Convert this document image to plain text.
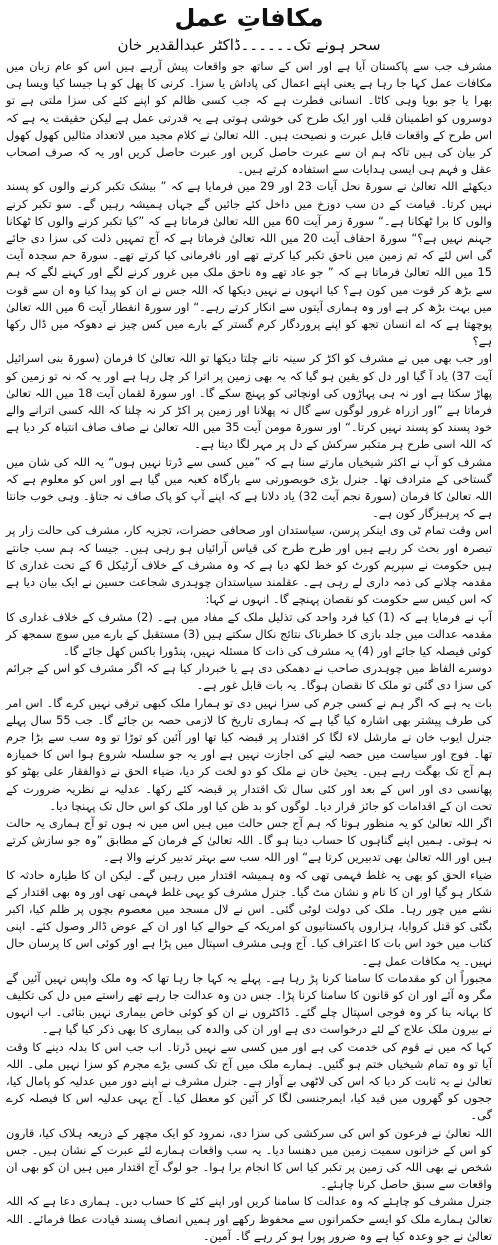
مکافاتِ عمل
سحر ہونے تک۔۔۔۔۔۔ڈاکٹر عبدالقدیر خان

مشرف جب سے پاکستان آیا ہے اور اس کے ساتھ جو واقعات پیش آرہے ہیں اس کو عام زبان میں مکافات عمل کہا جا رہا ہے یعنی اپنے اعمال کی پاداش یا سزا۔ کرنی کا پھل کو ہا جیسا کیا ویسا ہی بھرا یا جو بویا وہی کاٹا۔ انسانی فطرت ہے کہ جب کسی ظالم کو اپنے کئے کی سزا ملتی ہے تو دوسروں کو اطمینان قلب اور ایک طرح کی خوشی ہوتی ہے یہ قدرتی عمل ہے لیکن حقیقت یہ ہے کہ اس طرح کے واقعات قابل عبرت و نصیحت ہیں۔ اللہ تعالیٰ نے کلام مجید میں لاتعداد مثالیں کھول کھول کر بیان کی ہیں تاکہ ہم ان سے عبرت حاصل کریں اور عبرت حاصل کریں اور یہ کہ صرف اصحاب عقل و فہم ہی ایسی ہدایات سے استفادہ کرتے ہیں۔

دیکھئے اللہ تعالیٰ نے سورۃ نحل آیات 23 اور 29 میں فرمایا ہے کہ ” بیشک تکبر کرنے والوں کو پسند نہیں کرتا۔ قیامت کے دن سب دوزخ میں داخل کئے جائیں گے جہاں ہمیشہ رہیں گے۔ سو تکبر کرنے والوں کا برا ٹھکانا ہے۔“ سورۃ زمر آیت 60 میں اللہ تعالیٰ فرماتا ہے کہ ”کیا تکبر کرنے والوں کا ٹھکانا جہنم نہیں ہے؟“ سورۃ احقاف آیت 20 میں اللہ تعالیٰ فرماتا ہے کہ آج تمہیں ذلت کی سزا دی جائے گی اس لئے کہ تم زمین میں ناحق تکبر کیا کرتے تھے اور نافرمانی کیا کرتے تھے۔ سورۃ حم سجدہ آیت 15 میں اللہ تعالیٰ فرماتا ہے کہ ” جو عاد تھے وہ ناحق ملک میں غرور کرنے لگے اور کہنے لگے کہ ہم سے بڑھ کر قوت میں کون ہے؟ کیا انہوں نے نہیں دیکھا کہ اللہ جس نے ان کو پیدا کیا وہ ان سے قوت میں بہت بڑھ کر ہے اور وہ ہماری آیتوں سے انکار کرتے رہے۔“ اور سورۃ انفطار آیت 6 میں اللہ تعالیٰ پوچھتا ہے کہ اے انسان تجھ کو اپنے پروردگار کرم گستر کے بارے میں کس چیز نے دھوکہ میں ڈال رکھا ہے؟

اور جب بھی میں نے مشرف کو اکڑ کر سینہ تانے چلتا دیکھا تو اللہ تعالیٰ کا فرمان (سورۃ بنی اسرائیل آیت 37) یاد آ گیا اور دل کو یقین ہو گیا کہ یہ بھی زمین پر اترا کر چل رہا ہے اور یہ کہ نہ تو زمین کو پھاڑ سکتا ہے اور نہ ہی پہاڑوں کی اونچائی کو پہنچ سکے گا۔ اور سورۃ لقمان آیت 18 میں اللہ تعالیٰ فرماتا ہے ”اور ازراہ غرور لوگوں سے گال نہ پھلانا اور زمین پر اکڑ کر نہ چلنا کہ اللہ کسی اترانے والے خود پسند کو پسند نہیں کرتا۔“ اور سورۃ مومن آیت 35 میں اللہ تعالیٰ نے صاف صاف انتباہ کر دیا ہے کہ اللہ اسی طرح ہر متکبر سرکش کے دل پر مہر لگا دیتا ہے۔

مشرف کو آپ نے اکثر شیخیاں مارتے سنا ہے کہ ”میں کسی سے ڈرتا نہیں ہوں“ یہ اللہ کی شان میں گستاخی کے مترادف تھا۔ جنرل بڑی خوبصورتی سے بارگاہ کعبہ میں گیا ہے اور اس کو معلوم ہے کہ اللہ تعالیٰ کا فرمان (سورۃ نجم آیت 32) یاد دلانا ہے کہ اپنے آپ کو پاک صاف نہ جتاؤ۔ وہی خوب جانتا ہے کہ پرہیزگار کون ہے۔

اس وقت تمام ٹی وی اینکر پرسن، سیاستدان اور صحافی حضرات، تجزیہ کار، مشرف کی حالت زار پر تبصرہ اور بحث کر رہے ہیں اور طرح طرح کی قیاس آرائیاں ہو رہی ہیں۔ جیسا کہ ہم سب جانتے ہیں حکومت نے سپریم کورٹ کو خط لکھ دیا ہے کہ وہ مشرف کے خلاف آرٹیکل 6 کے تحت غداری کا مقدمہ چلانے کی ذمہ داری لے رہی ہے۔ عقلمند سیاستدان چوہدری شجاعت حسین نے ایک بیان دیا ہے کہ اس کیس سے حکومت کو نقصان پہنچے گا۔ انہوں نے کہا:

آپ نے فرمایا ہے کہ (1) کیا فرد واحد کی تذلیل ملک کے مفاد میں ہے۔ (2) مشرف کے خلاف غداری کا مقدمہ عدالت میں جلد بازی کا خطرناک نتائج نکال سکتے ہیں (3) مستقبل کے بارے میں سوچ سمجھ کر کوئی فیصلہ کیا جائے اور (4) یہ مشرف کی ذات کا مسئلہ نہیں، پنڈورا باکس کھل جائے گا۔

دوسرے الفاظ میں چوہدری صاحب نے دھمکی دی ہے یا خبردار کیا ہے کہ اگر مشرف کو اس کے جرائم کی سزا دی گئی تو ملک کا نقصان ہوگا۔ یہ بات قابل غور ہے۔

بات یہ ہے کہ اگر ہم نے کسی جرم کی سزا نہیں دی تو ہمارا ملک کبھی ترقی نہیں کرے گا۔ اس امر کی طرف پیشتر بھی اشارہ کیا گیا ہے کہ ہماری تاریخ کا لازمی حصہ بن جائے گا۔ جب 55 سال پہلے جنرل ایوب خان نے مارشل لاء لگا کر اقتدار پر قبضہ کیا تھا اور آئین کو توڑا تو وہ سب سے بڑا جرم تھا۔ فوج اور سیاست میں حصہ لینے کی اجازت نہیں ہے اور یہ جو سلسلہ شروع ہوا اس کا خمیازہ ہم آج تک بھگت رہے ہیں۔ یحییٰ خان نے ملک کو دو لخت کر دیا، ضیاء الحق نے ذوالفقار علی بھٹو کو پھانسی دی اور اس کے بعد اور کئی سال تک اقتدار پر قبضہ کئے رکھا۔ عدلیہ نے نظریہ ضرورت کے تحت ان کے اقدامات کو جائز قرار دیا۔ لوگوں کو بد ظن کیا اور ملک کو اس حال تک پہنچا دیا۔

اگر اللہ تعالیٰ کو یہ منظور ہوتا کہ ہم آج جس حالت میں ہیں اس میں نہ ہوں تو آج ہماری یہ حالت نہ ہوتی۔ ہمیں اپنے گناہوں کا حساب دینا ہو گا۔ اللہ تعالیٰ کے فرمان کے مطابق ”وہ جو سازش کرتے ہیں اور اللہ تعالیٰ بھی تدبیریں کرتا ہے“ اور اللہ سب سے بہتر تدبیر کرنے والا ہے۔

ضیاء الحق کو بھی یہ غلط فہمی تھی کہ وہ ہمیشہ اقتدار میں رہیں گے۔ لیکن ان کا طیارہ حادثہ کا شکار ہو گیا اور ان کا نام و نشان مٹ گیا۔ جنرل مشرف کو یہی غلط فہمی تھی اور وہ بھی اقتدار کے نشے میں چور رہا۔ ملک کی دولت لوٹی گئی۔ اس نے لال مسجد میں معصوم بچوں پر ظلم کیا، اکبر بگٹی کو قتل کروایا، ہزاروں پاکستانیوں کو امریکہ کے حوالے کیا اور ان کے عوض ڈالر وصول کئے۔ اپنی کتاب میں خود اس بات کا اعتراف کیا۔ آج وہی مشرف اسپتال میں پڑا ہے اور کوئی اس کا پرسان حال نہیں۔ یہ مکافات عمل ہے۔

مجبوراً ان کو مقدمات کا سامنا کرنا پڑ رہا ہے۔ پہلے یہ کہا جا رہا تھا کہ وہ ملک واپس نہیں آئیں گے مگر وہ آئے اور ان کو قانون کا سامنا کرنا پڑا۔ جس دن وہ عدالت جا رہے تھے راستے میں دل کی تکلیف کا بہانہ بنا کر وہ فوجی اسپتال چلے گئے۔ ڈاکٹروں نے ان کو کوئی خاص بیماری نہیں بتائی۔ اب انہوں نے بیرون ملک علاج کے لئے درخواست دی ہے اور ان کی والدہ کی بیماری کا بھی ذکر کیا گیا ہے۔

کہا کہ میں نے قوم کی خدمت کی ہے اور میں کسی سے نہیں ڈرتا۔ اب جب اس کا بدلہ دینے کا وقت آیا تو وہ تمام شیخیاں ختم ہو گئیں۔ ہمارے ملک میں آج تک کسی بڑے مجرم کو سزا نہیں ملی۔ اللہ تعالیٰ نے یہ ثابت کر دیا کہ اس کی لاٹھی بے آواز ہے۔ جنرل مشرف نے اپنے دور میں عدلیہ کو پامال کیا، ججوں کو گھروں میں قید کیا، ایمرجنسی لگا کر آئین کو معطل کیا۔ آج یہی عدلیہ اس کا فیصلہ کرے گی۔

اللہ تعالیٰ نے فرعون کو اس کی سرکشی کی سزا دی، نمرود کو ایک مچھر کے ذریعہ ہلاک کیا، قارون کو اس کے خزانوں سمیت زمین میں دھنسا دیا۔ یہ سب واقعات ہمارے لئے عبرت کے نشان ہیں۔ جس شخص نے بھی اللہ کی زمین پر تکبر کیا اس کا انجام برا ہوا۔ جو لوگ آج اقتدار میں ہیں ان کو بھی ان واقعات سے سبق حاصل کرنا چاہئے۔

جنرل مشرف کو چاہئے کہ وہ عدالت کا سامنا کریں اور اپنے کئے کا حساب دیں۔ ہماری دعا ہے کہ اللہ تعالیٰ ہمارے ملک کو ایسے حکمرانوں سے محفوظ رکھے اور ہمیں انصاف پسند قیادت عطا فرمائے۔ اللہ تعالیٰ نے جو وعدہ کیا ہے وہ ضرور پورا ہو کر رہے گا۔ آمین۔
